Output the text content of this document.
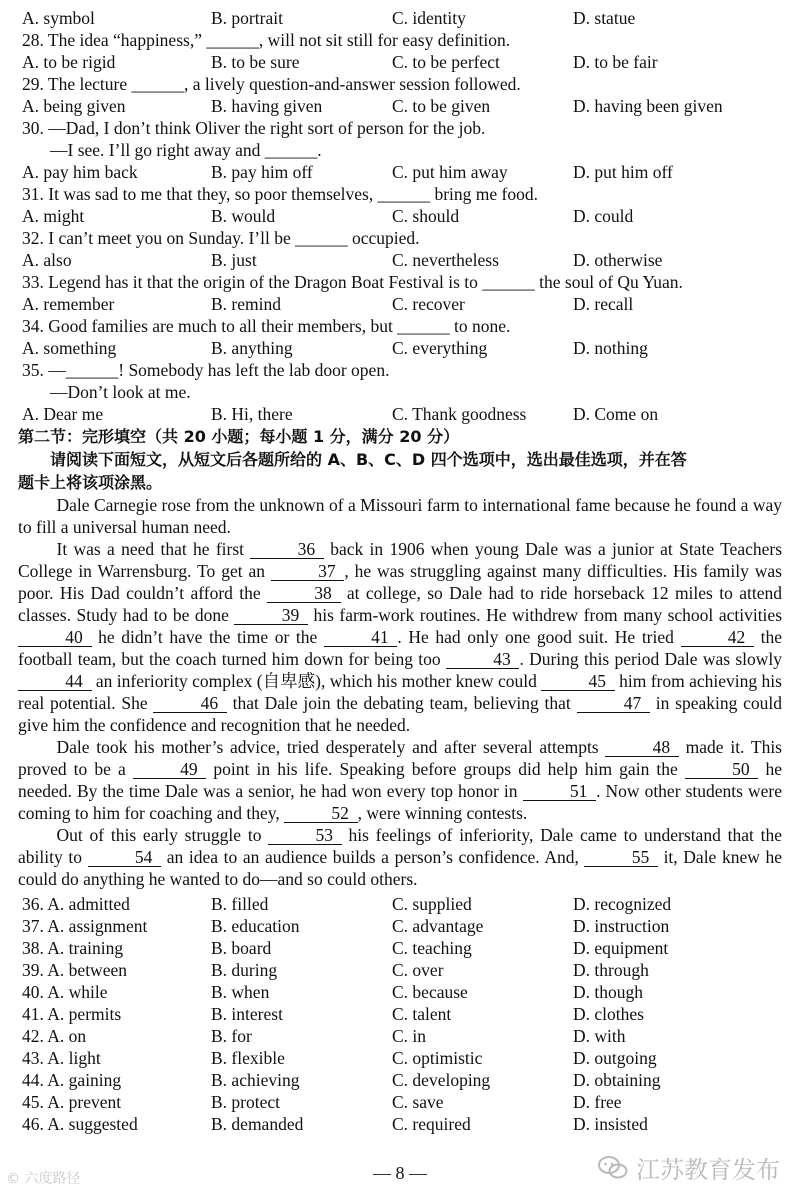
A. symbol	B. portrait	C. identity	D. statue
28. The idea “happiness,” ______, will not sit still for easy definition.
A. to be rigid	B. to be sure	C. to be perfect	D. to be fair
29. The lecture ______, a lively question-and-answer session followed.
A. being given	B. having given	C. to be given	D. having been given
30. —Dad, I don’t think Oliver the right sort of person for the job.
—I see. I’ll go right away and ______.
A. pay him back	B. pay him off	C. put him away	D. put him off
31. It was sad to me that they, so poor themselves, ______ bring me food.
A. might	B. would	C. should	D. could
32. I can’t meet you on Sunday. I’ll be ______ occupied.
A. also	B. just	C. nevertheless	D. otherwise
33. Legend has it that the origin of the Dragon Boat Festival is to ______ the soul of Qu Yuan.
A. remember	B. remind	C. recover	D. recall
34. Good families are much to all their members, but ______ to none.
A. something	B. anything	C. everything	D. nothing
35. —______! Somebody has left the lab door open.
—Don’t look at me.
A. Dear me	B. Hi, there	C. Thank goodness	D. Come on
第二节：完形填空（共 20 小题；每小题 1 分，满分 20 分）
请阅读下面短文，从短文后各题所给的 A、B、C、D 四个选项中，选出最佳选项，并在答
题卡上将该项涂黑。

Dale Carnegie rose from the unknown of a Missouri farm to international fame because he found a way to fill a universal human need.

It was a need that he first  36  back in 1906 when young Dale was a junior at State Teachers College in Warrensburg. To get an  37 , he was struggling against many difficulties. His family was poor. His Dad couldn’t afford the  38  at college, so Dale had to ride horseback 12 miles to attend classes. Study had to be done  39  his farm-work routines. He withdrew from many school activities  40  he didn’t have the time or the  41 . He had only one good suit. He tried  42  the football team, but the coach turned him down for being too  43 . During this period Dale was slowly  44  an inferiority complex (自卑感), which his mother knew could  45  him from achieving his real potential. She  46  that Dale join the debating team, believing that  47  in speaking could give him the confidence and recognition that he needed.

Dale took his mother’s advice, tried desperately and after several attempts  48  made it. This proved to be a  49  point in his life. Speaking before groups did help him gain the  50  he needed. By the time Dale was a senior, he had won every top honor in  51 . Now other students were coming to him for coaching and they,  52 , were winning contests.

Out of this early struggle to  53  his feelings of inferiority, Dale came to understand that the ability to  54  an idea to an audience builds a person’s confidence. And,  55  it, Dale knew he could do anything he wanted to do—and so could others.

36. A. admitted	B. filled	C. supplied	D. recognized
37. A. assignment	B. education	C. advantage	D. instruction
38. A. training	B. board	C. teaching	D. equipment
39. A. between	B. during	C. over	D. through
40. A. while	B. when	C. because	D. though
41. A. permits	B. interest	C. talent	D. clothes
42. A. on	B. for	C. in	D. with
43. A. light	B. flexible	C. optimistic	D. outgoing
44. A. gaining	B. achieving	C. developing	D. obtaining
45. A. prevent	B. protect	C. save	D. free
46. A. suggested	B. demanded	C. required	D. insisted
— 8 —
© 六度路径	江苏教育发布
